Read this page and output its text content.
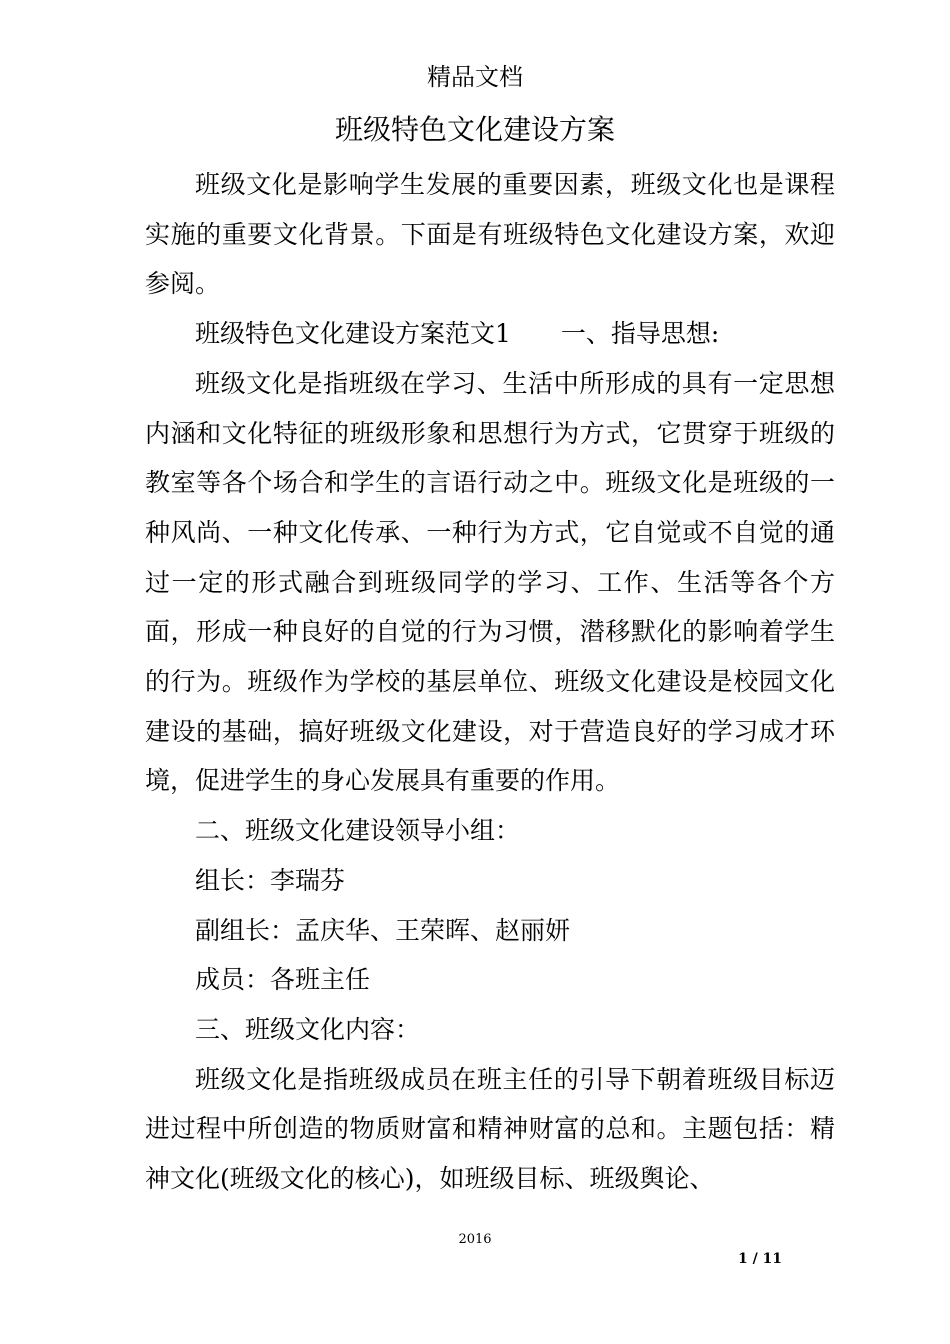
精品文档
班级特色文化建设方案

班级文化是影响学生发展的重要因素，班级文化也是课程实施的重要文化背景。下面是有班级特色文化建设方案，欢迎参阅。

班级特色文化建设方案范文1 一、指导思想:

班级文化是指班级在学习、生活中所形成的具有一定思想内涵和文化特征的班级形象和思想行为方式，它贯穿于班级的教室等各个场合和学生的言语行动之中。班级文化是班级的一种风尚、一种文化传承、一种行为方式，它自觉或不自觉的通过一定的形式融合到班级同学的学习、工作、生活等各个方面，形成一种良好的自觉的行为习惯，潜移默化的影响着学生的行为。班级作为学校的基层单位、班级文化建设是校园文化建设的基础，搞好班级文化建设，对于营造良好的学习成才环境，促进学生的身心发展具有重要的作用。

二、班级文化建设领导小组：

组长：李瑞芬

副组长：孟庆华、王荣晖、赵丽妍

成员：各班主任

三、班级文化内容：

班级文化是指班级成员在班主任的引导下朝着班级目标迈进过程中所创造的物质财富和精神财富的总和。主题包括：精神文化(班级文化的核心)，如班级目标、班级舆论、

2016
1 / 11
